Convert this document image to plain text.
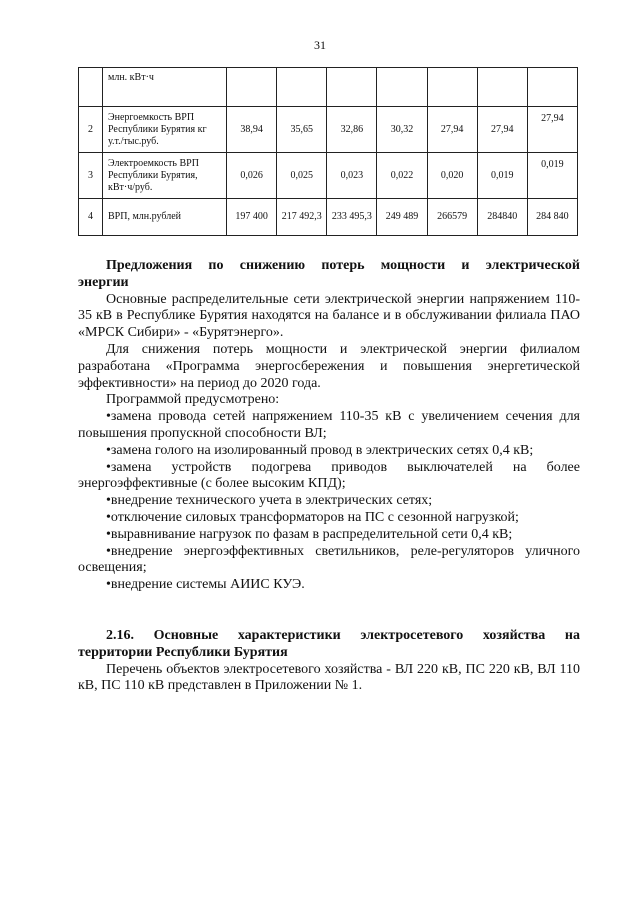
31
	млн. кВт·ч							
2	Энергоемкость ВРП Республики Бурятия кг у.т./тыс.руб.	38,94	35,65	32,86	30,32	27,94	27,94	27,94
3	Электроемкость ВРП Республики Бурятия, кВт·ч/руб.	0,026	0,025	0,023	0,022	0,020	0,019	0,019
4	ВРП, млн.рублей	197 400	217 492,3	233 495,3	249 489	266579	284840	284 840
Предложения по снижению потерь мощности и электрической
энергии

Основные распределительные сети электрической энергии напряжением 110-35 кВ в Республике Бурятия находятся на балансе и в обслуживании филиала ПАО «МРСК Сибири» - «Бурятэнерго».

Для снижения потерь мощности и электрической энергии филиалом разработана «Программа энергосбережения и повышения энергетической эффективности» на период до 2020 года.

Программой предусмотрено:

•замена провода сетей напряжением 110-35 кВ с увеличением сечения для повышения пропускной способности ВЛ;

•замена голого на изолированный провод в электрических сетях 0,4 кВ;

•замена устройств подогрева приводов выключателей на более энергоэффективные (с более высоким КПД);

•внедрение технического учета в электрических сетях;

•отключение силовых трансформаторов на ПС с сезонной нагрузкой;

•выравнивание нагрузок по фазам в распределительной сети 0,4 кВ;

•внедрение энергоэффективных светильников, реле-регуляторов уличного освещения;

•внедрение системы АИИС КУЭ.

2.16. Основные характеристики электросетевого хозяйства на
территории Республики Бурятия

Перечень объектов электросетевого хозяйства - ВЛ 220 кВ, ПС 220 кВ, ВЛ 110 кВ, ПС 110 кВ представлен в Приложении № 1.
